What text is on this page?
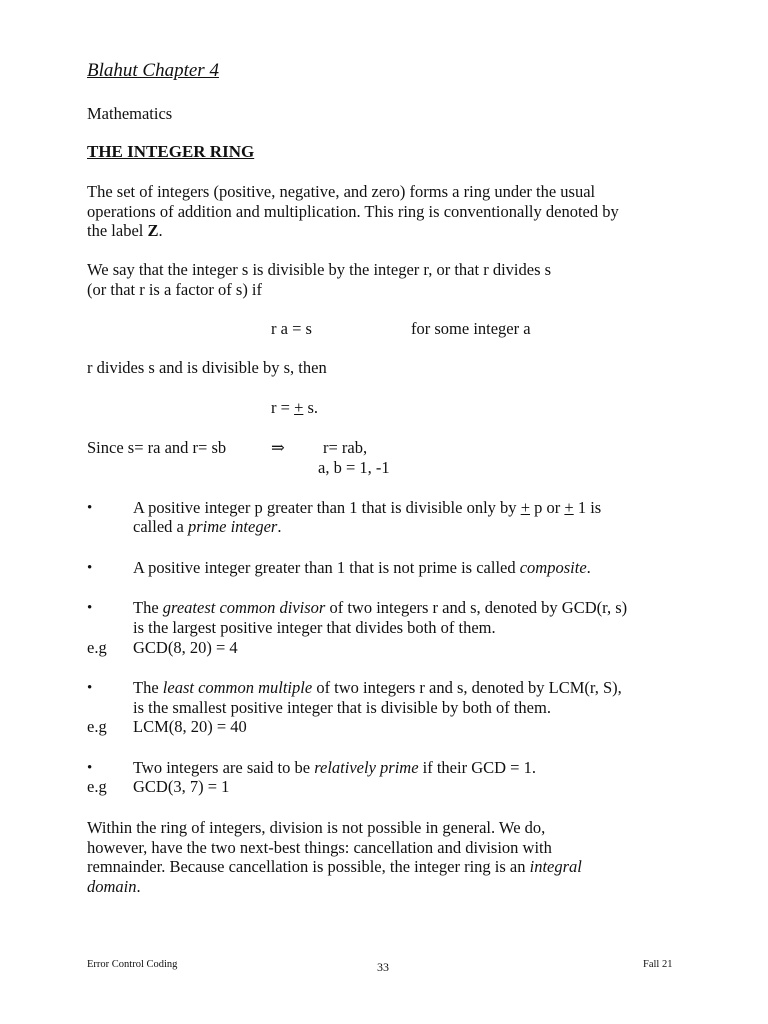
Blahut Chapter 4
Mathematics
THE INTEGER RING
The set of integers (positive, negative, and zero) forms a ring under the usual
operations of addition and multiplication. This ring is conventionally denoted by
the label Z.
We say that the integer s is divisible by the integer r, or that r divides s
(or that r is a factor of s) if
r a = s	for some integer a
r divides s and is divisible by s, then
r = + s.
Since s= ra and r= sb	⇒ r= rab,
a, b = 1, -1
• A positive integer p greater than 1 that is divisible only by + p or + 1 is
called a prime integer.
• A positive integer greater than 1 that is not prime is called composite.
• The greatest common divisor of two integers r and s, denoted by GCD(r, s)
is the largest positive integer that divides both of them.
e.g GCD(8, 20) = 4
• The least common multiple of two integers r and s, denoted by LCM(r, S),
is the smallest positive integer that is divisible by both of them.
e.g LCM(8, 20) = 40
• Two integers are said to be relatively prime if their GCD = 1.
e.g GCD(3, 7) = 1
Within the ring of integers, division is not possible in general. We do,
however, have the two next-best things: cancellation and division with
remnainder. Because cancellation is possible, the integer ring is an integral
domain.
Error Control Coding	33	Fall 21
